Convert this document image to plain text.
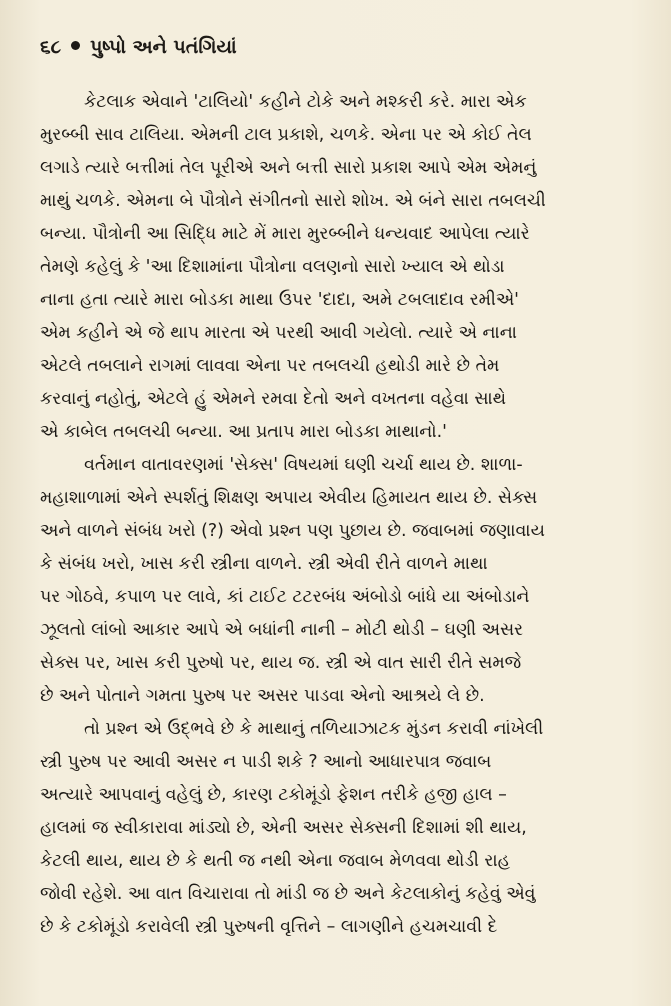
૬૮ પુષ્પો અને પતંગિયાં
કેટલાક એવાને 'ટાલિયો' કહીને ટોકે અને મશ્કરી કરે. મારા એક
મુરબ્બી સાવ ટાલિયા. એમની ટાલ પ્રકાશે, ચળકે. એના પર એ કોઈ તેલ
લગાડે ત્યારે બત્તીમાં તેલ પૂરીએ અને બત્તી સારો પ્રકાશ આપે એમ એમનું
માથું ચળકે. એમના બે પૌત્રોને સંગીતનો સારો શોખ. એ બંને સારા તબલચી
બન્યા. પૌત્રોની આ સિદ્ધિ માટે મેં મારા મુરબ્બીને ધન્યવાદ આપેલા ત્યારે
તેમણે કહેલું કે 'આ દિશામાંના પૌત્રોના વલણનો સારો ખ્યાલ એ થોડા
નાના હતા ત્યારે મારા બોડકા માથા ઉપર 'દાદા, અમે ટબલાદાવ રમીએ'
એમ કહીને એ જે થાપ મારતા એ પરથી આવી ગયેલો. ત્યારે એ નાના
એટલે તબલાને રાગમાં લાવવા એના પર તબલચી હથોડી મારે છે તેમ
કરવાનું નહોતું, એટલે હું એમને રમવા દેતો અને વખતના વહેવા સાથે
એ કાબેલ તબલચી બન્યા. આ પ્રતાપ મારા બોડકા માથાનો.'
વર્તમાન વાતાવરણમાં 'સેક્સ' વિષયમાં ઘણી ચર્ચા થાય છે. શાળા-
મહાશાળામાં એને સ્પર્શતું શિક્ષણ અપાય એવીય હિમાયત થાય છે. સેક્સ
અને વાળને સંબંધ ખરો (?) એવો પ્રશ્ન પણ પુછાય છે. જવાબમાં જણાવાય
કે સંબંધ ખરો, ખાસ કરી સ્ત્રીના વાળને. સ્ત્રી એવી રીતે વાળને માથા
પર ગોઠવે, કપાળ પર લાવે, કાં ટાઈટ ટટરબંધ અંબોડો બાંધે યા અંબોડાને
ઝૂલતો લાંબો આકાર આપે એ બધાંની નાની – મોટી થોડી – ઘણી અસર
સેક્સ પર, ખાસ કરી પુરુષો પર, થાય જ. સ્ત્રી એ વાત સારી રીતે સમજે
છે અને પોતાને ગમતા પુરુષ પર અસર પાડવા એનો આશ્રયે લે છે.
તો પ્રશ્ન એ ઉદ્ભવે છે કે માથાનું તળિયાઝાટક મુંડન કરાવી નાંખેલી
સ્ત્રી પુરુષ પર આવી અસર ન પાડી શકે ? આનો આધારપાત્ર જવાબ
અત્યારે આપવાનું વહેલું છે, કારણ ટકોમૂંડો ફેશન તરીકે હજી હાલ –
હાલમાં જ સ્વીકારાવા માંડ્યો છે, એની અસર સેક્સની દિશામાં શી થાય,
કેટલી થાય, થાય છે કે થતી જ નથી એના જવાબ મેળવવા થોડી રાહ
જોવી રહેશે. આ વાત વિચારાવા તો માંડી જ છે અને કેટલાકોનું કહેવું એવું
છે કે ટકોમૂંડો કરાવેલી સ્ત્રી પુરુષની વૃત્તિને – લાગણીને હચમચાવી દે
